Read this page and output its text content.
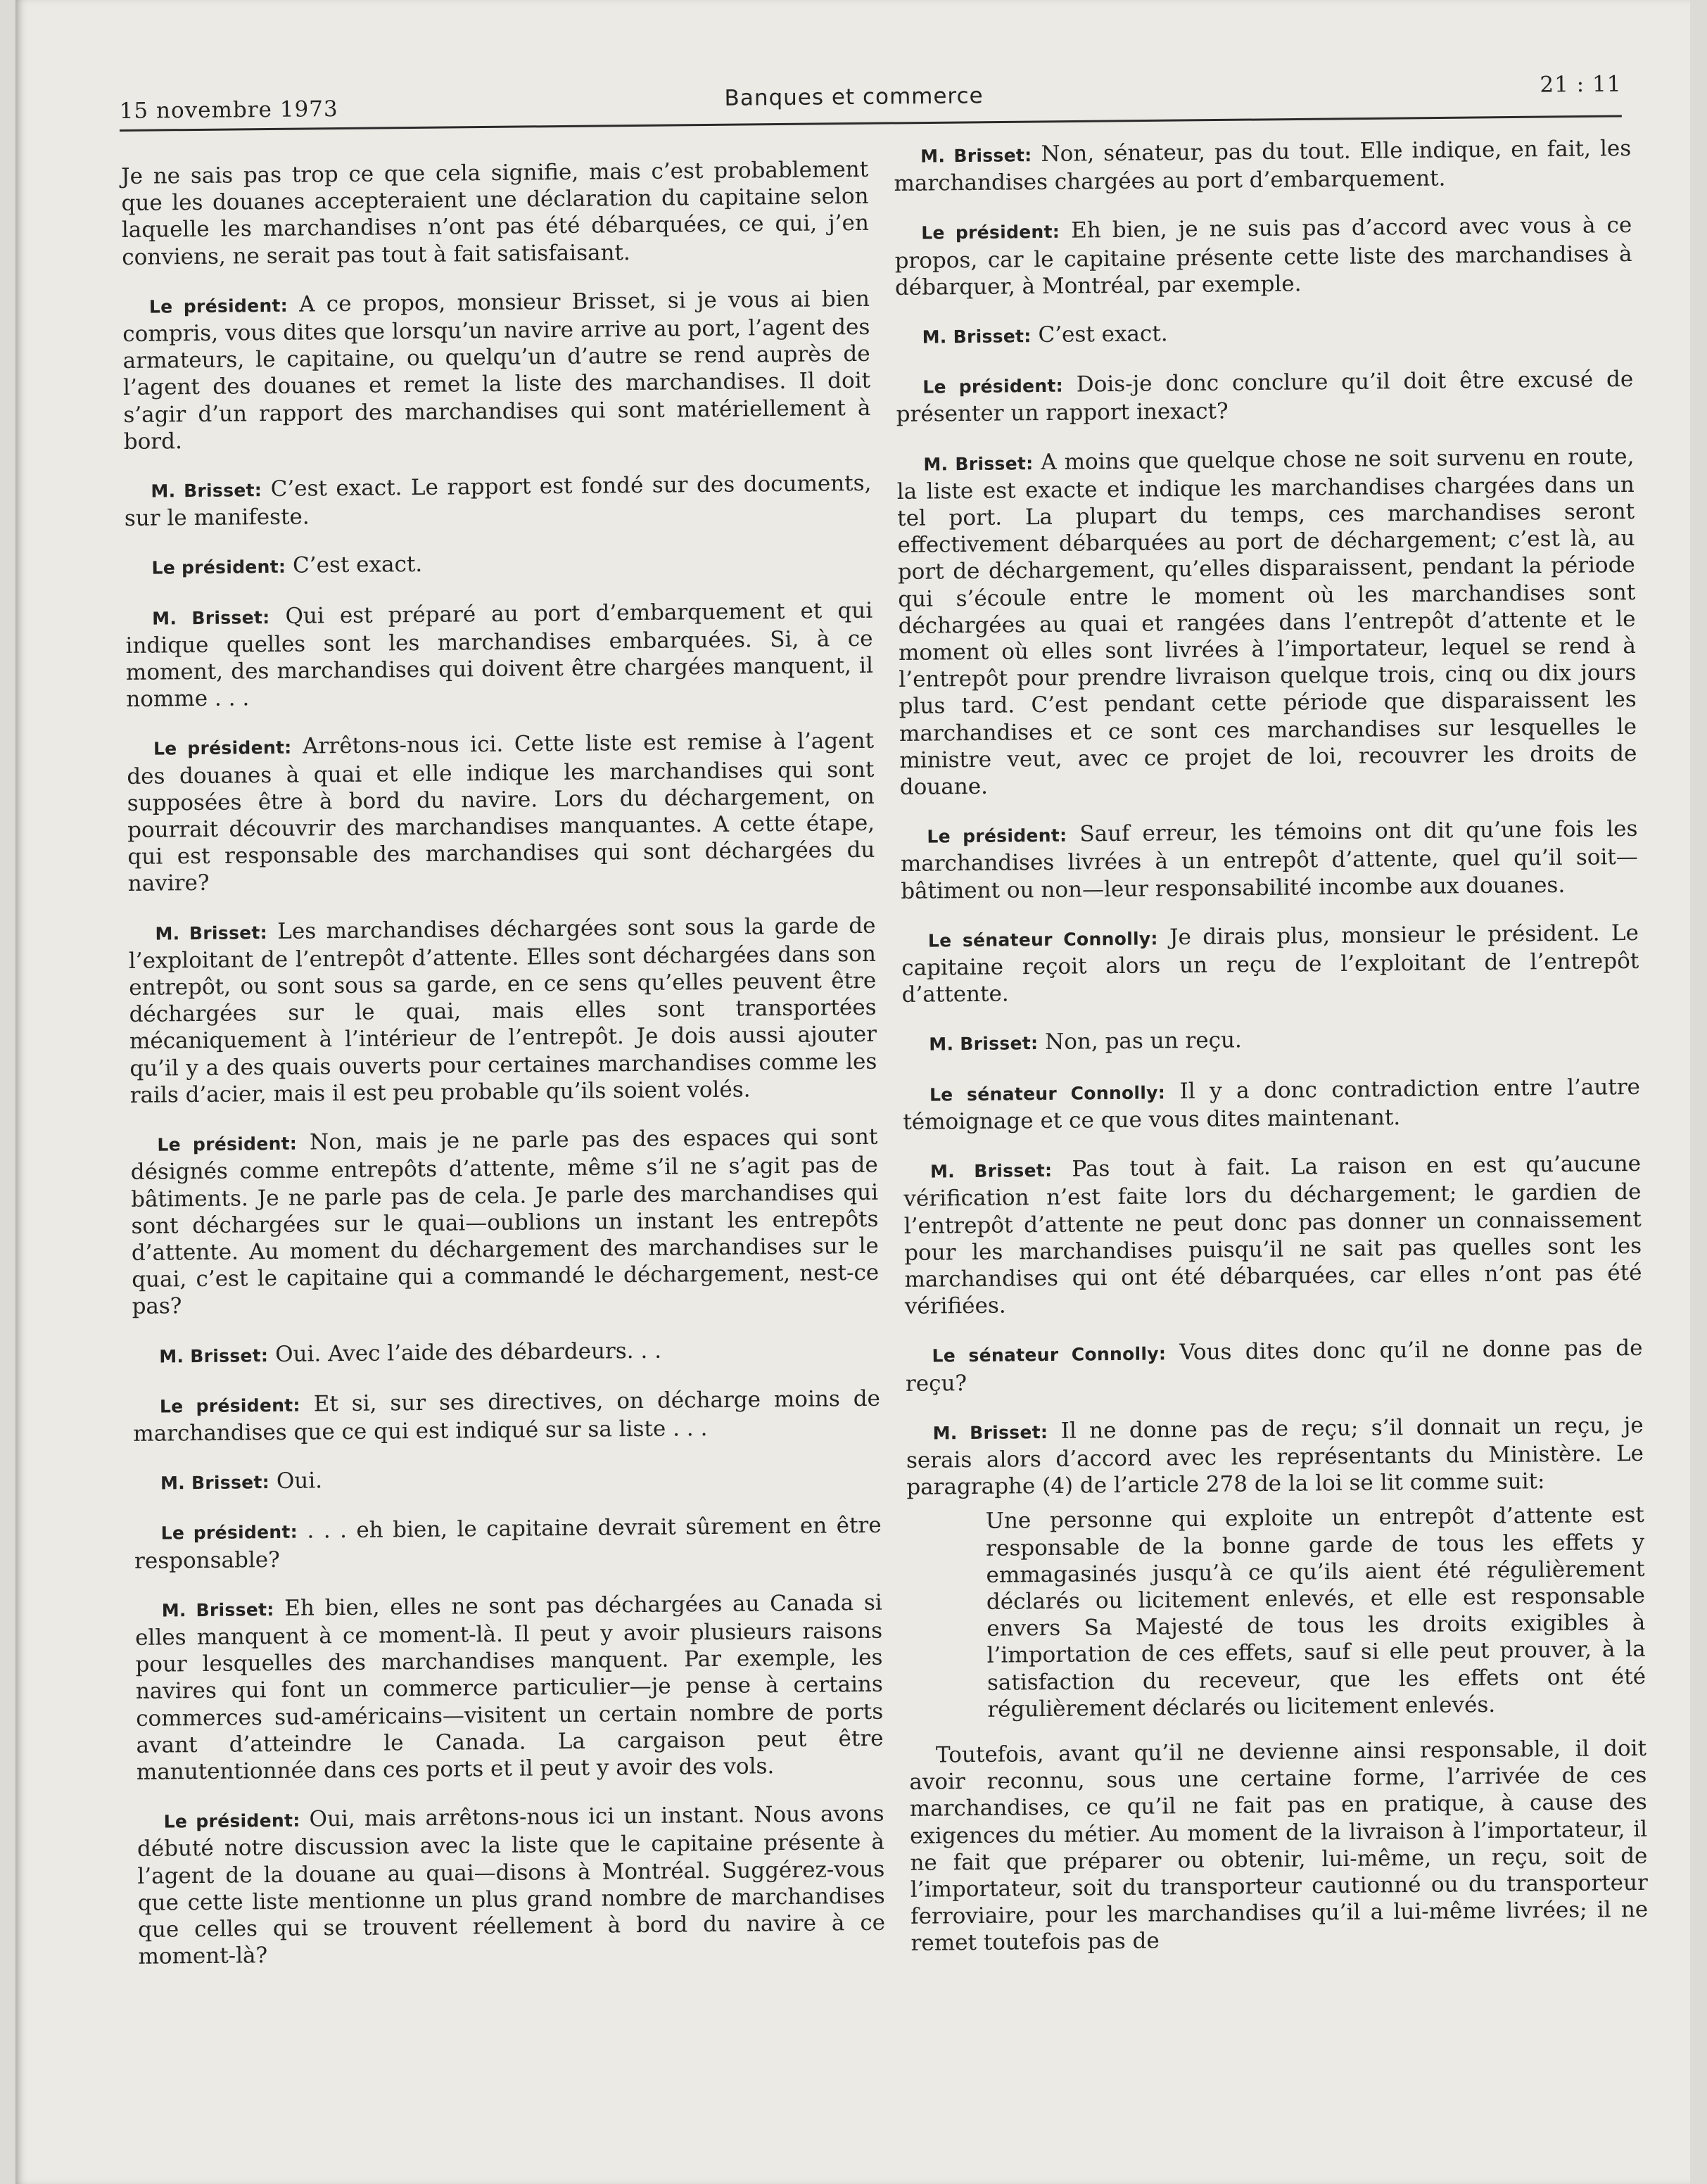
15 novembre 1973	Banques et commerce	21 : 11
Je ne sais pas trop ce que cela signifie, mais c’est probablement que les douanes accepteraient une déclaration du capitaine selon laquelle les marchandises n’ont pas été débarquées, ce qui, j’en conviens, ne serait pas tout à fait satisfaisant.
Le président: A ce propos, monsieur Brisset, si je vous ai bien compris, vous dites que lorsqu’un navire arrive au port, l’agent des armateurs, le capitaine, ou quelqu’un d’autre se rend auprès de l’agent des douanes et remet la liste des marchandises. Il doit s’agir d’un rapport des marchandises qui sont matériellement à bord.
M. Brisset: C’est exact. Le rapport est fondé sur des documents, sur le manifeste.
Le président: C’est exact.
M. Brisset: Qui est préparé au port d’embarquement et qui indique quelles sont les marchandises embarquées. Si, à ce moment, des marchandises qui doivent être chargées manquent, il nomme . . .
Le président: Arrêtons-nous ici. Cette liste est remise à l’agent des douanes à quai et elle indique les marchandises qui sont supposées être à bord du navire. Lors du déchargement, on pourrait découvrir des marchandises manquantes. A cette étape, qui est responsable des marchandises qui sont déchargées du navire?
M. Brisset: Les marchandises déchargées sont sous la garde de l’exploitant de l’entrepôt d’attente. Elles sont déchargées dans son entrepôt, ou sont sous sa garde, en ce sens qu’elles peuvent être déchargées sur le quai, mais elles sont transportées mécaniquement à l’intérieur de l’entrepôt. Je dois aussi ajouter qu’il y a des quais ouverts pour certaines marchandises comme les rails d’acier, mais il est peu probable qu’ils soient volés.
Le président: Non, mais je ne parle pas des espaces qui sont désignés comme entrepôts d’attente, même s’il ne s’agit pas de bâtiments. Je ne parle pas de cela. Je parle des marchandises qui sont déchargées sur le quai—oublions un instant les entrepôts d’attente. Au moment du déchargement des marchandises sur le quai, c’est le capitaine qui a commandé le déchargement, nest-ce pas?
M. Brisset: Oui. Avec l’aide des débardeurs. . .
Le président: Et si, sur ses directives, on décharge moins de marchandises que ce qui est indiqué sur sa liste . . .
M. Brisset: Oui.
Le président: . . . eh bien, le capitaine devrait sûrement en être responsable?
M. Brisset: Eh bien, elles ne sont pas déchargées au Canada si elles manquent à ce moment-là. Il peut y avoir plusieurs raisons pour lesquelles des marchandises manquent. Par exemple, les navires qui font un commerce particulier—je pense à certains commerces sud-américains—visitent un certain nombre de ports avant d’atteindre le Canada. La cargaison peut être manutentionnée dans ces ports et il peut y avoir des vols.
Le président: Oui, mais arrêtons-nous ici un instant. Nous avons débuté notre discussion avec la liste que le capitaine présente à l’agent de la douane au quai—disons à Montréal. Suggérez-vous que cette liste mentionne un plus grand nombre de marchandises que celles qui se trouvent réellement à bord du navire à ce moment-là?
M. Brisset: Non, sénateur, pas du tout. Elle indique, en fait, les marchandises chargées au port d’embarquement.
Le président: Eh bien, je ne suis pas d’accord avec vous à ce propos, car le capitaine présente cette liste des marchandises à débarquer, à Montréal, par exemple.
M. Brisset: C’est exact.
Le président: Dois-je donc conclure qu’il doit être excusé de présenter un rapport inexact?
M. Brisset: A moins que quelque chose ne soit survenu en route, la liste est exacte et indique les marchandises chargées dans un tel port. La plupart du temps, ces marchandises seront effectivement débarquées au port de déchargement; c’est là, au port de déchargement, qu’elles disparaissent, pendant la période qui s’écoule entre le moment où les marchandises sont déchargées au quai et rangées dans l’entrepôt d’attente et le moment où elles sont livrées à l’importateur, lequel se rend à l’entrepôt pour prendre livraison quelque trois, cinq ou dix jours plus tard. C’est pendant cette période que disparaissent les marchandises et ce sont ces marchandises sur lesquelles le ministre veut, avec ce projet de loi, recouvrer les droits de douane.
Le président: Sauf erreur, les témoins ont dit qu’une fois les marchandises livrées à un entrepôt d’attente, quel qu’il soit—bâtiment ou non—leur responsabilité incombe aux douanes.
Le sénateur Connolly: Je dirais plus, monsieur le président. Le capitaine reçoit alors un reçu de l’exploitant de l’entrepôt d’attente.
M. Brisset: Non, pas un reçu.
Le sénateur Connolly: Il y a donc contradiction entre l’autre témoignage et ce que vous dites maintenant.
M. Brisset: Pas tout à fait. La raison en est qu’aucune vérification n’est faite lors du déchargement; le gardien de l’entrepôt d’attente ne peut donc pas donner un connaissement pour les marchandises puisqu’il ne sait pas quelles sont les marchandises qui ont été débarquées, car elles n’ont pas été vérifiées.
Le sénateur Connolly: Vous dites donc qu’il ne donne pas de reçu?
M. Brisset: Il ne donne pas de reçu; s’il donnait un reçu, je serais alors d’accord avec les représentants du Ministère. Le paragraphe (4) de l’article 278 de la loi se lit comme suit:
Une personne qui exploite un entrepôt d’attente est responsable de la bonne garde de tous les effets y emmagasinés jusqu’à ce qu’ils aient été régulièrement déclarés ou licitement enlevés, et elle est responsable envers Sa Majesté de tous les droits exigibles à l’importation de ces effets, sauf si elle peut prouver, à la satisfaction du receveur, que les effets ont été régulièrement déclarés ou licitement enlevés.
Toutefois, avant qu’il ne devienne ainsi responsable, il doit avoir reconnu, sous une certaine forme, l’arrivée de ces marchandises, ce qu’il ne fait pas en pratique, à cause des exigences du métier. Au moment de la livraison à l’importateur, il ne fait que préparer ou obtenir, lui-même, un reçu, soit de l’importateur, soit du transporteur cautionné ou du transporteur ferroviaire, pour les marchandises qu’il a lui-même livrées; il ne remet toutefois pas de
